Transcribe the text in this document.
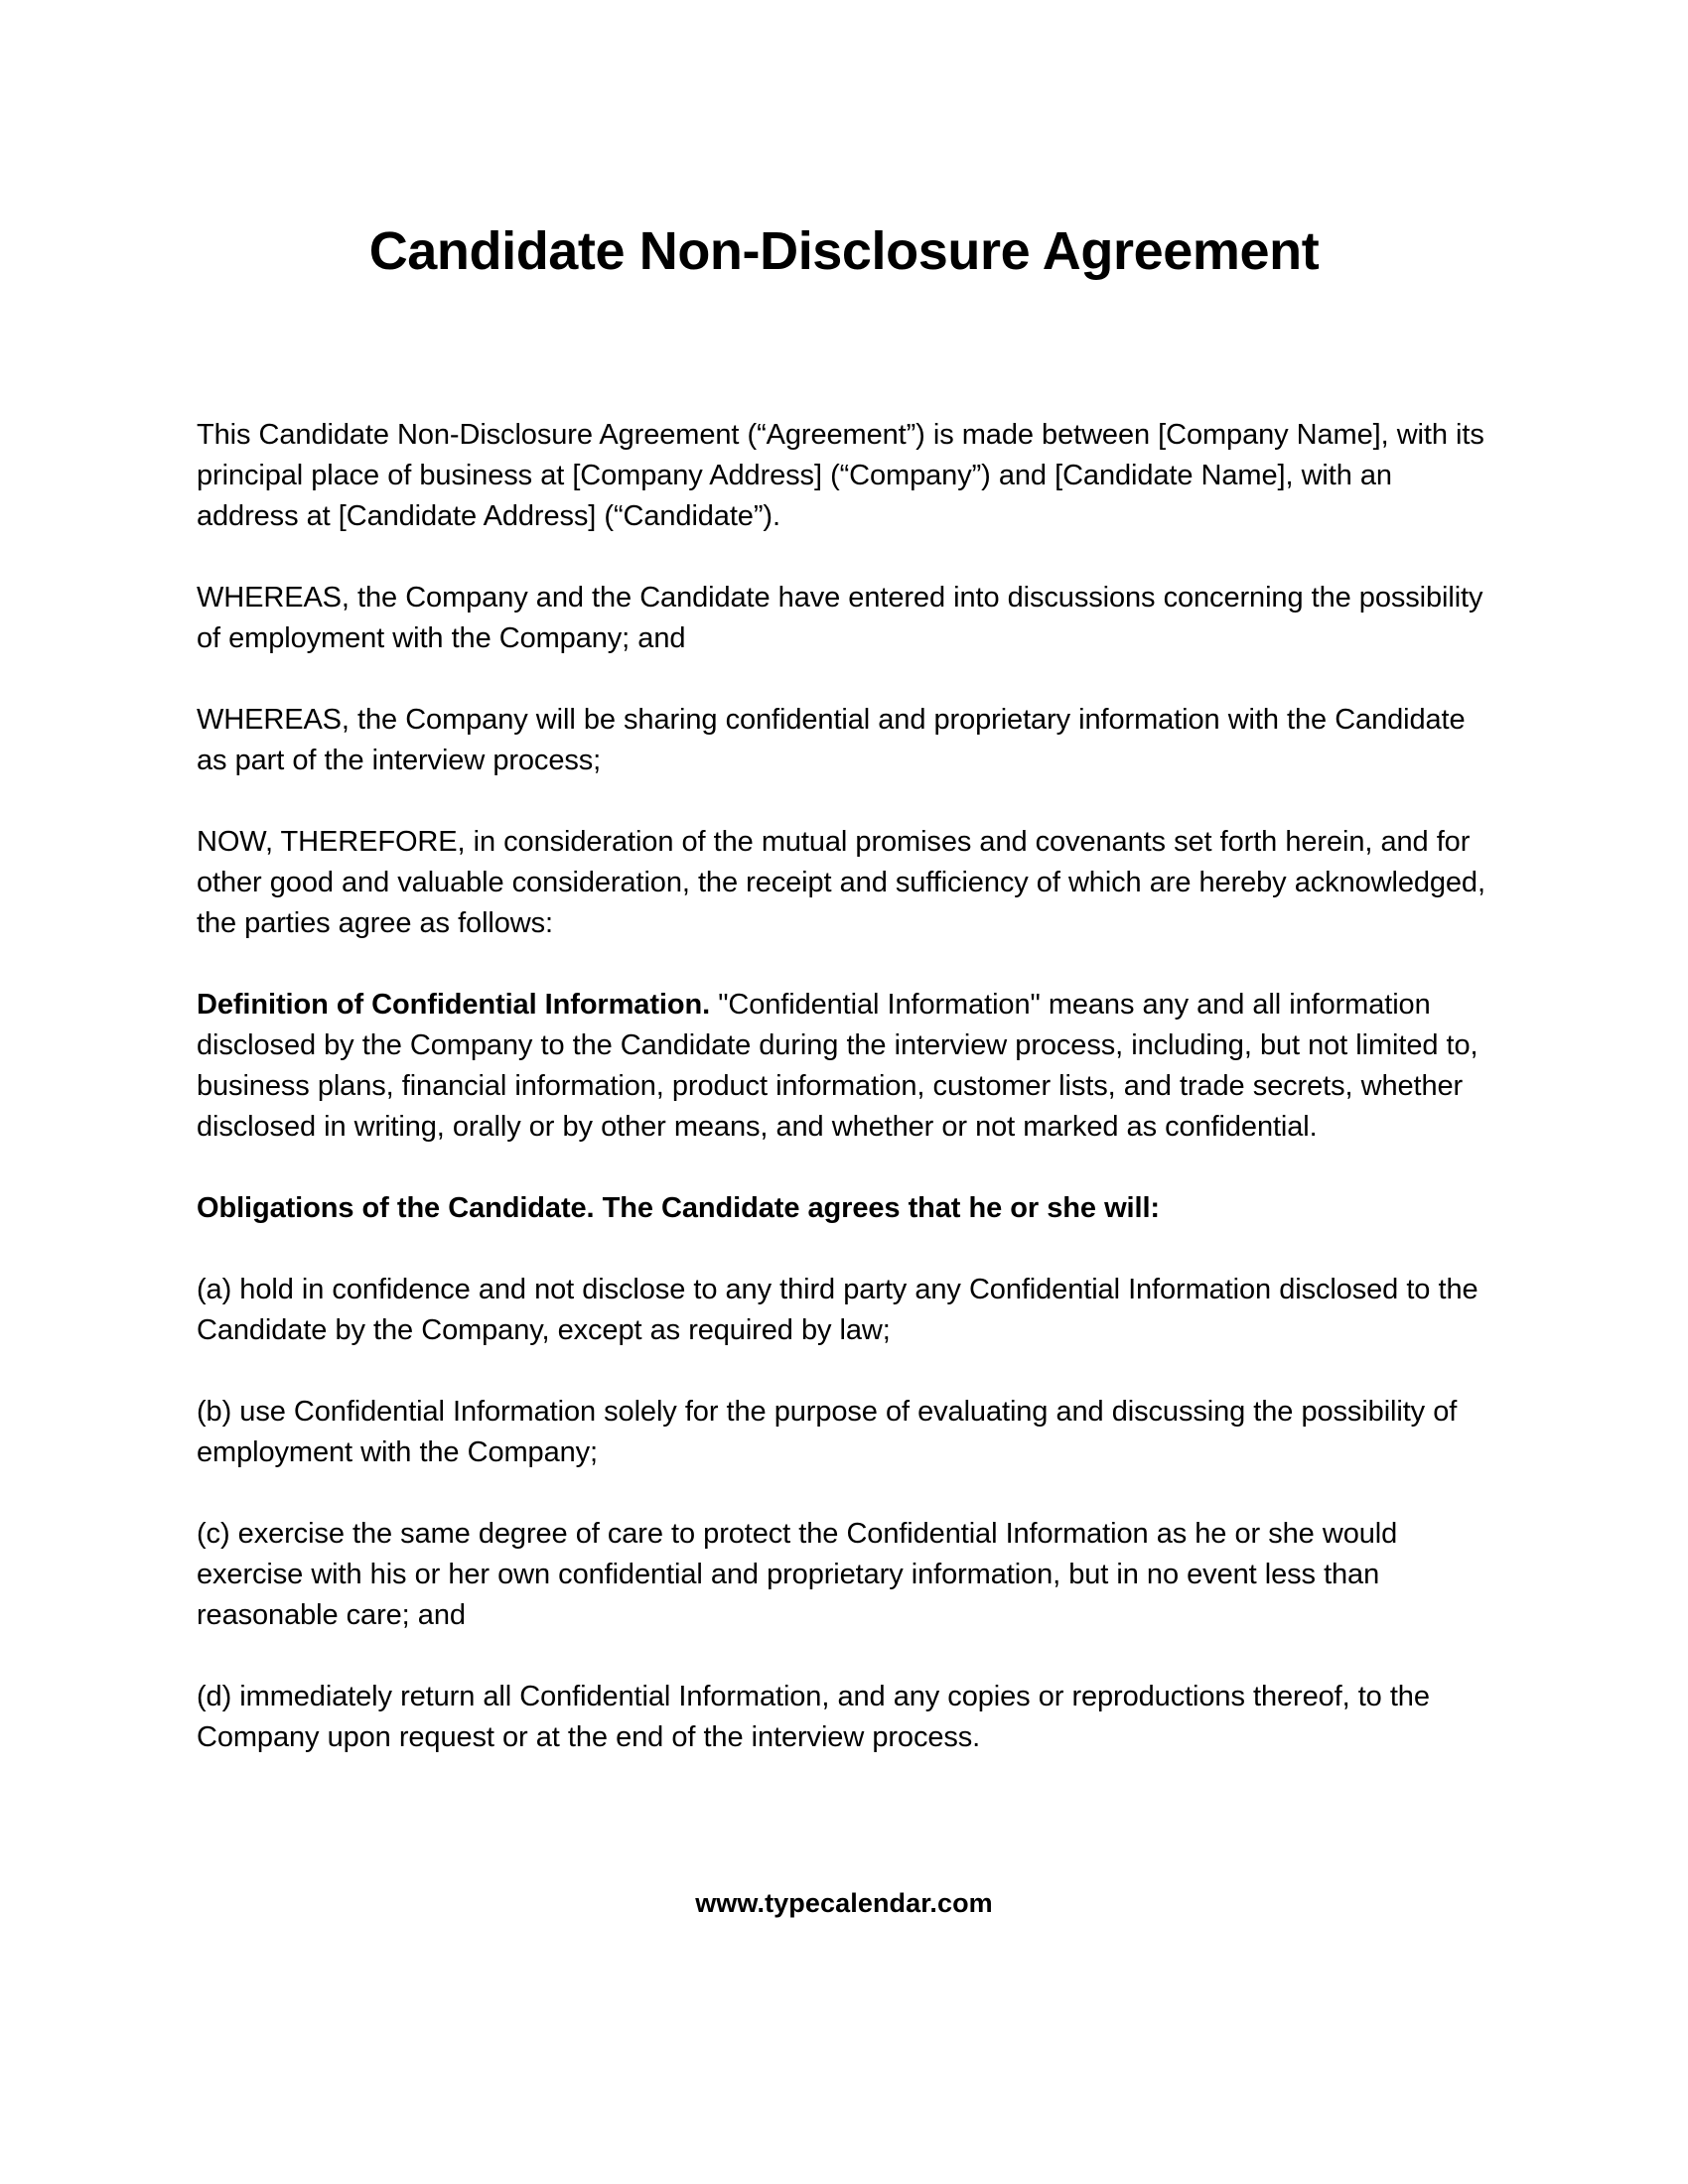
Candidate Non-Disclosure Agreement

This Candidate Non-Disclosure Agreement (“Agreement”) is made between [Company Name], with its principal place of business at [Company Address] (“Company”) and [Candidate Name], with an address at [Candidate Address] (“Candidate”).

WHEREAS, the Company and the Candidate have entered into discussions concerning the possibility of employment with the Company; and

WHEREAS, the Company will be sharing confidential and proprietary information with the Candidate as part of the interview process;

NOW, THEREFORE, in consideration of the mutual promises and covenants set forth herein, and for other good and valuable consideration, the receipt and sufficiency of which are hereby acknowledged, the parties agree as follows:

Definition of Confidential Information. "Confidential Information" means any and all information disclosed by the Company to the Candidate during the interview process, including, but not limited to, business plans, financial information, product information, customer lists, and trade secrets, whether disclosed in writing, orally or by other means, and whether or not marked as confidential.

Obligations of the Candidate. The Candidate agrees that he or she will:

(a) hold in confidence and not disclose to any third party any Confidential Information disclosed to the Candidate by the Company, except as required by law;

(b) use Confidential Information solely for the purpose of evaluating and discussing the possibility of employment with the Company;

(c) exercise the same degree of care to protect the Confidential Information as he or she would exercise with his or her own confidential and proprietary information, but in no event less than reasonable care; and

(d) immediately return all Confidential Information, and any copies or reproductions thereof, to the Company upon request or at the end of the interview process.

www.typecalendar.com
